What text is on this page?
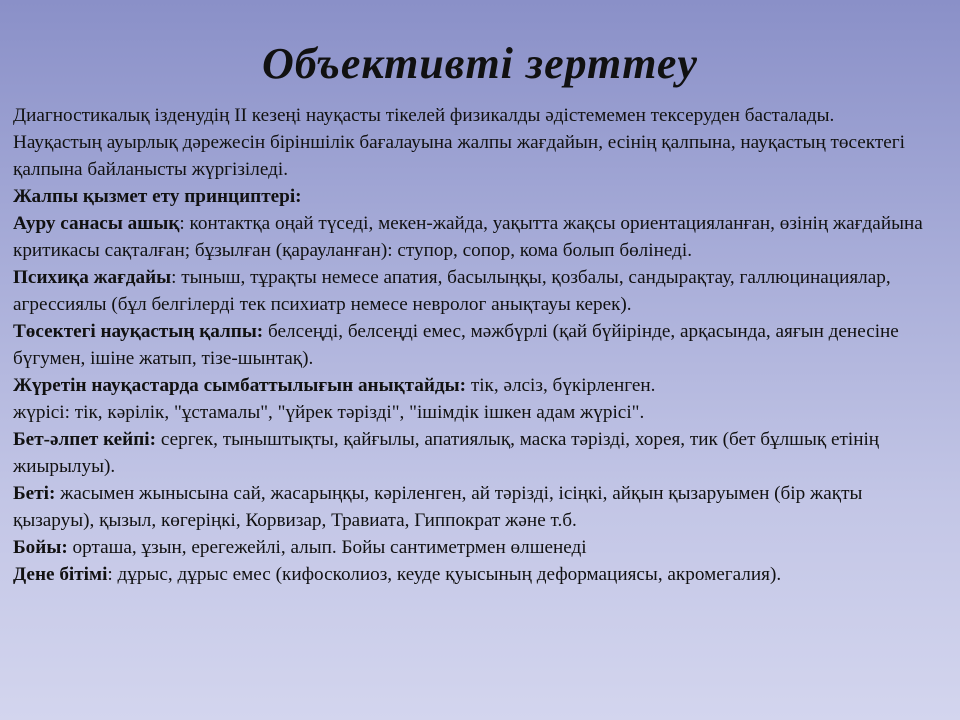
Объективті зерттеу

Диагностикалық ізденудің II кезеңі науқасты тікелей физикалды әдістемемен тексеруден басталады.

Науқастың ауырлық дәрежесін біріншілік бағалауына жалпы жағдайын, есінің қалпына, науқастың төсектегі қалпына байланысты жүргізіледі.

Жалпы қызмет ету принциптері:

Ауру санасы ашық: контактқа оңай түседі, мекен-жайда, уақытта жақсы ориентацияланған, өзінің жағдайына критикасы сақталған; бұзылған (қарауланған): ступор, сопор, кома болып бөлінеді.

Психиқа жағдайы: тыныш, тұрақты немесе апатия, басылыңқы, қозбалы, сандырақтау, галлюцинациялар, агрессиялы (бұл белгілерді тек психиатр немесе невролог анықтауы керек).

Төсектегі науқастың қалпы: белсеңді, белсеңді емес, мәжбүрлі (қай бүйірінде, арқасында, аяғын денесіне бүгумен, ішіне жатып, тізе-шынтақ).

Жүретін науқастарда сымбаттылығын анықтайды: тік, әлсіз, бүкірленген.

жүрісі: тік, кәрілік, "ұстамалы", "үйрек тәрізді", "ішімдік ішкен адам жүрісі".

Бет-әлпет кейпі: сергек, тыныштықты, қайғылы, апатиялық, маска тәрізді, хорея, тик (бет бұлшық етінің жиырылуы).

Беті: жасымен жынысына сай, жасарыңқы, кәріленген, ай тәрізді, ісіңкі, айқын қызаруымен (бір жақты қызаруы), қызыл, көгеріңкі, Корвизар, Травиата, Гиппократ және т.б.

Бойы: орташа, ұзын, ерегежейлі, алып. Бойы сантиметрмен өлшенеді

Дене бітімі: дұрыс, дұрыс емес (кифосколиоз, кеуде қуысының деформациясы, акромегалия).
